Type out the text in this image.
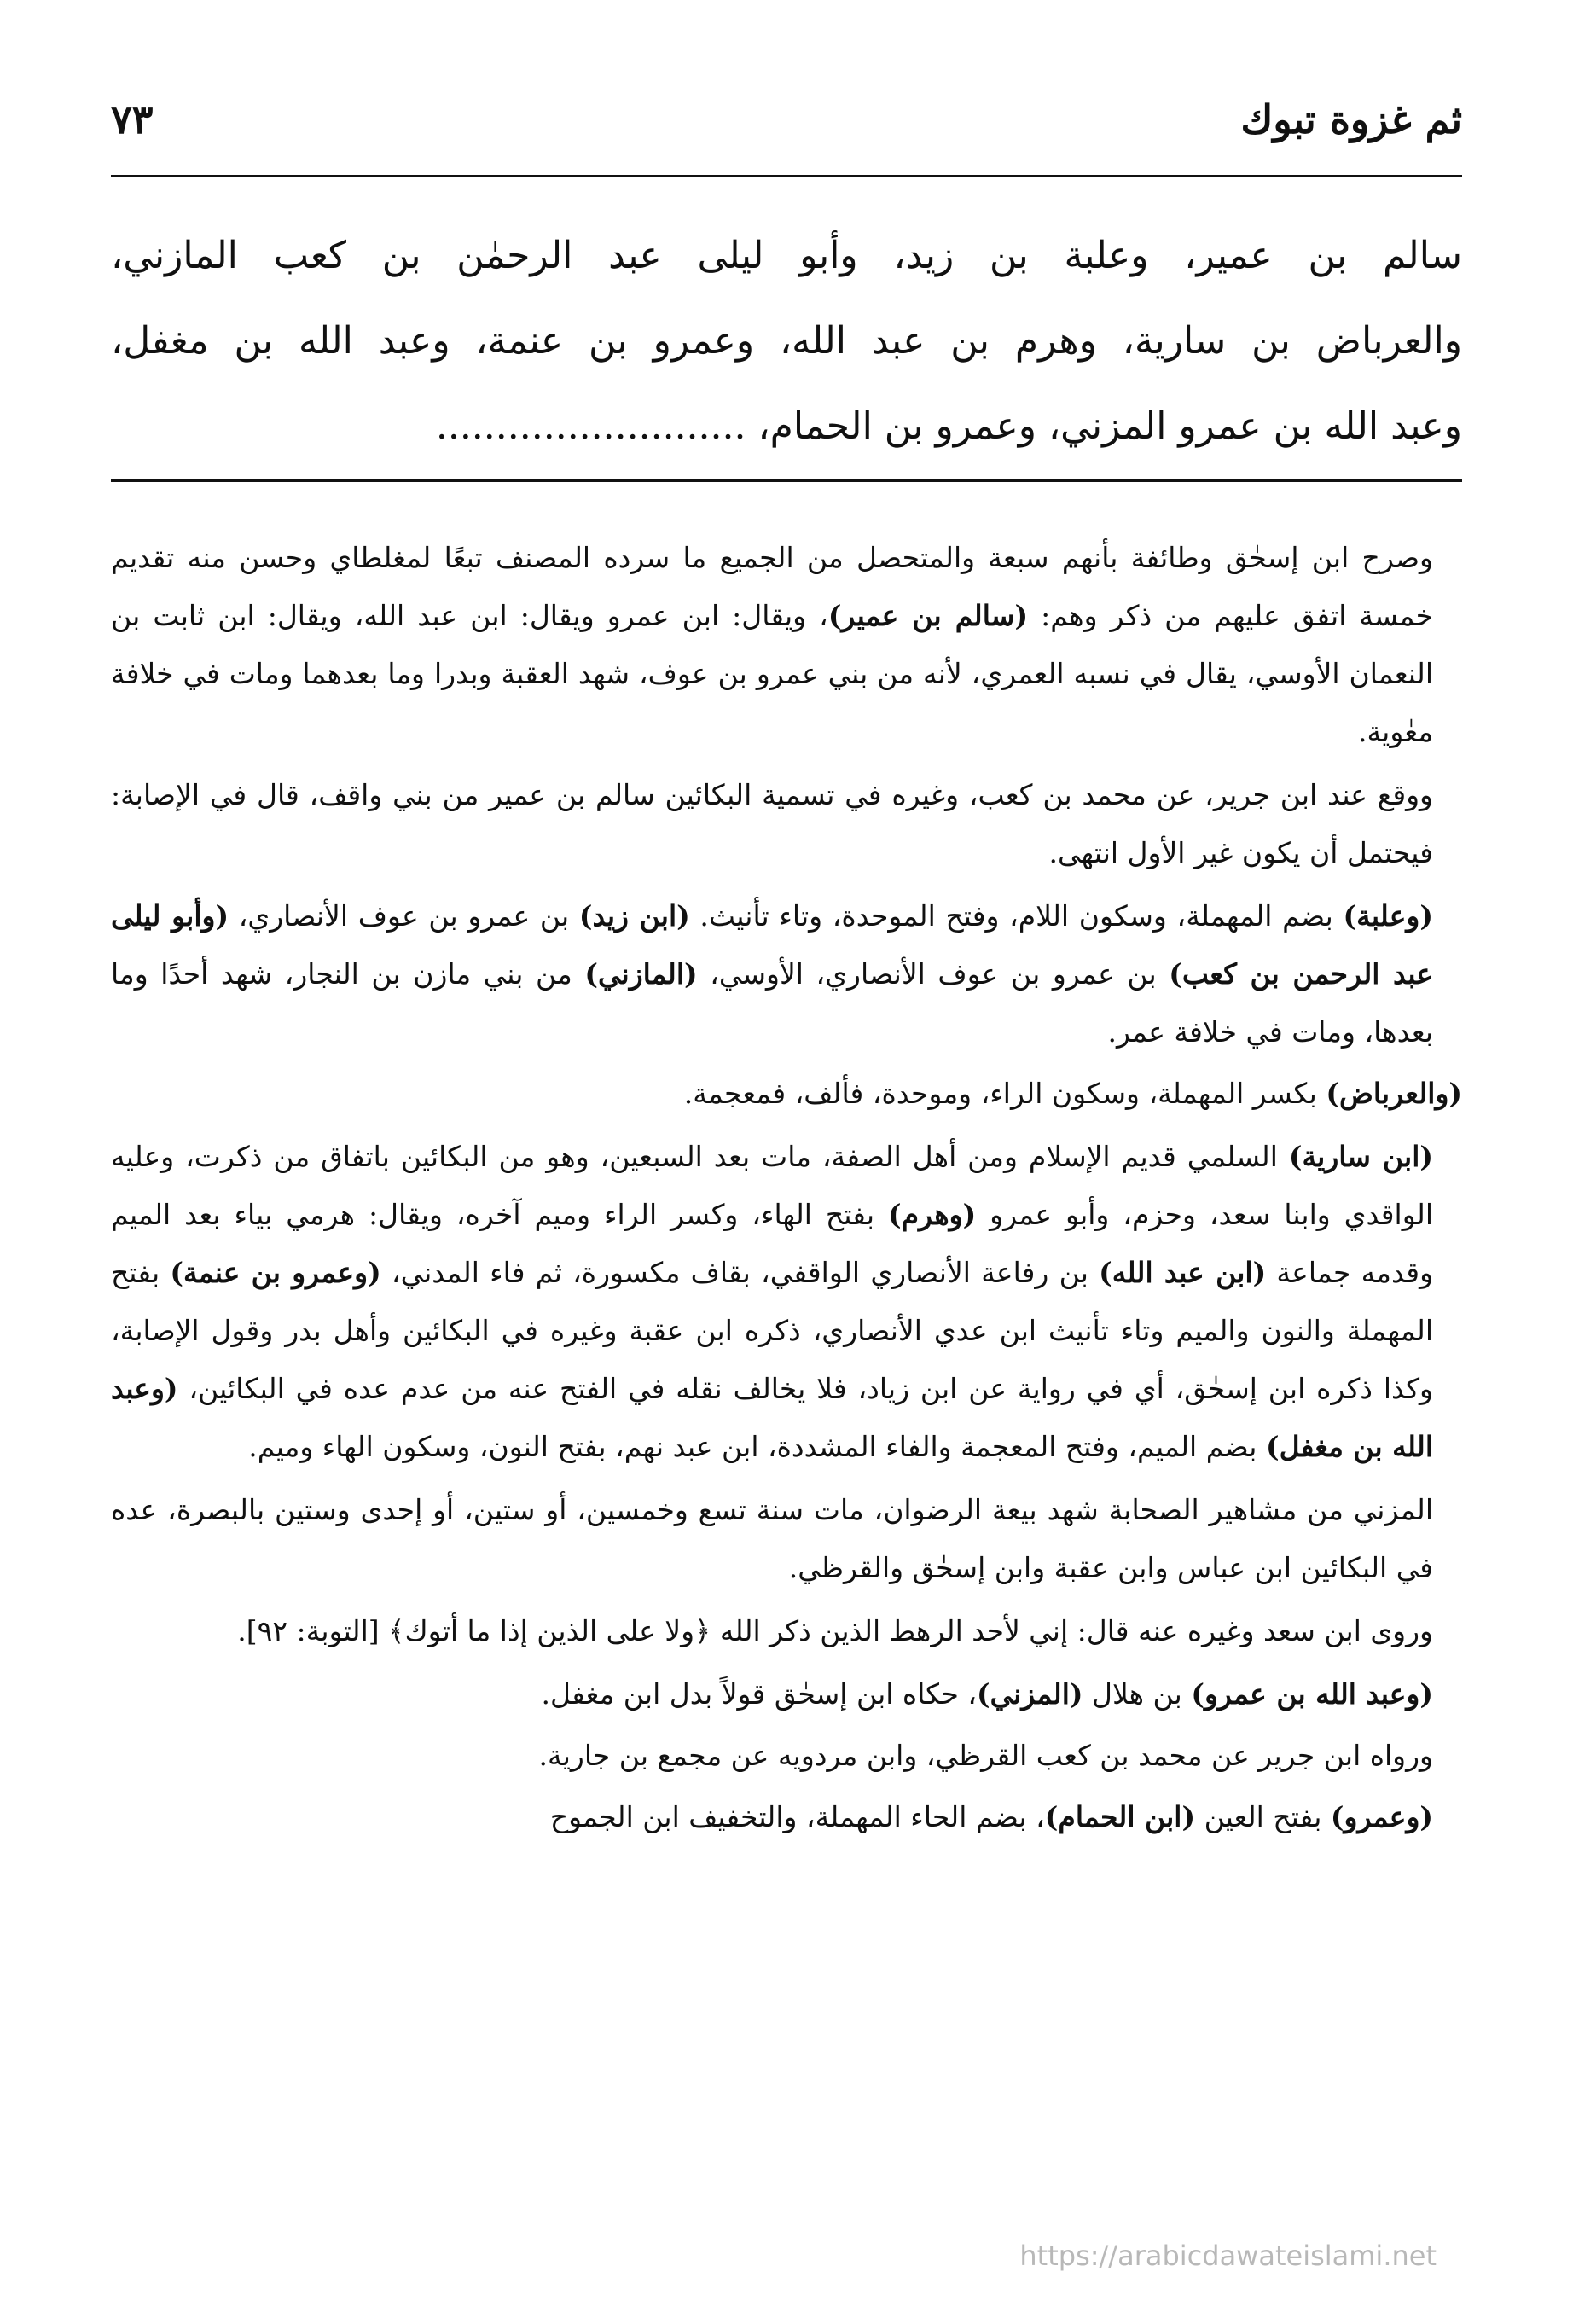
ثم غزوة تبوك
٧٣
سالم بن عمير، وعلبة بن زيد، وأبو ليلى عبد الرحمٰن بن كعب المازني،
والعرباض بن سارية، وهرم بن عبد الله، وعمرو بن عنمة، وعبد الله بن مغفل،
وعبد الله بن عمرو المزني، وعمرو بن الحمام، ..........................

وصرح ابن إسحٰق وطائفة بأنهم سبعة والمتحصل من الجميع ما سرده المصنف تبعًا لمغلطاي وحسن منه تقديم خمسة اتفق عليهم من ذكر وهم: (سالم بن عمير)، ويقال: ابن عمرو ويقال: ابن عبد الله، ويقال: ابن ثابت بن النعمان الأوسي، يقال في نسبه العمري، لأنه من بني عمرو بن عوف، شهد العقبة وبدرا وما بعدهما ومات في خلافة معٰوية.

ووقع عند ابن جرير، عن محمد بن كعب، وغيره في تسمية البكائين سالم بن عمير من بني واقف، قال في الإصابة: فيحتمل أن يكون غير الأول انتهى.

(وعلبة) بضم المهملة، وسكون اللام، وفتح الموحدة، وتاء تأنيث. (ابن زيد) بن عمرو بن عوف الأنصاري، (وأبو ليلى عبد الرحمن بن كعب) بن عمرو بن عوف الأنصاري، الأوسي، (المازني) من بني مازن بن النجار، شهد أحدًا وما بعدها، ومات في خلافة عمر.

(والعرباض) بكسر المهملة، وسكون الراء، وموحدة، فألف، فمعجمة.

(ابن سارية) السلمي قديم الإسلام ومن أهل الصفة، مات بعد السبعين، وهو من البكائين باتفاق من ذكرت، وعليه الواقدي وابنا سعد، وحزم، وأبو عمرو (وهرم) بفتح الهاء، وكسر الراء وميم آخره، ويقال: هرمي بياء بعد الميم وقدمه جماعة (ابن عبد الله) بن رفاعة الأنصاري الواقفي، بقاف مكسورة، ثم فاء المدني، (وعمرو بن عنمة) بفتح المهملة والنون والميم وتاء تأنيث ابن عدي الأنصاري، ذكره ابن عقبة وغيره في البكائين وأهل بدر وقول الإصابة، وكذا ذكره ابن إسحٰق، أي في رواية عن ابن زياد، فلا يخالف نقله في الفتح عنه من عدم عده في البكائين، (وعبد الله بن مغفل) بضم الميم، وفتح المعجمة والفاء المشددة، ابن عبد نهم، بفتح النون، وسكون الهاء وميم.

المزني من مشاهير الصحابة شهد بيعة الرضوان، مات سنة تسع وخمسين، أو ستين، أو إحدى وستين بالبصرة، عده في البكائين ابن عباس وابن عقبة وابن إسحٰق والقرظي.

وروى ابن سعد وغيره عنه قال: إني لأحد الرهط الذين ذكر الله ﴿ولا على الذين إذا ما أتوك﴾ [التوبة: ٩٢].

(وعبد الله بن عمرو) بن هلال (المزني)، حكاه ابن إسحٰق قولاً بدل ابن مغفل.

ورواه ابن جرير عن محمد بن كعب القرظي، وابن مردويه عن مجمع بن جارية.

(وعمرو) بفتح العين (ابن الحمام)، بضم الحاء المهملة، والتخفيف ابن الجموح

https://arabicdawateislami.net
